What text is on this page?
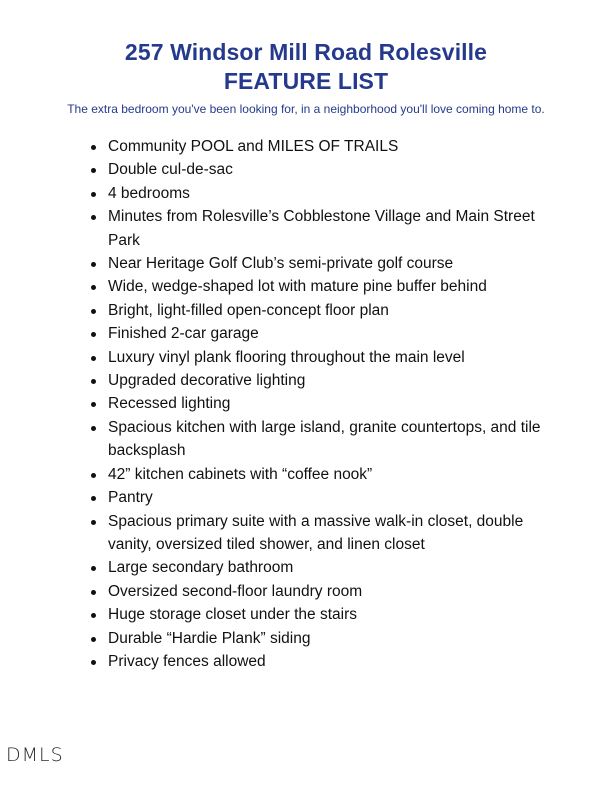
257 Windsor Mill Road Rolesville

FEATURE LIST

The extra bedroom you've been looking for, in a neighborhood you'll love coming home to.

Community POOL and MILES OF TRAILS
Double cul-de-sac
4 bedrooms
Minutes from Rolesville’s Cobblestone Village and Main Street Park
Near Heritage Golf Club’s semi-private golf course
Wide, wedge-shaped lot with mature pine buffer behind
Bright, light-filled open-concept floor plan
Finished 2-car garage
Luxury vinyl plank flooring throughout the main level
Upgraded decorative lighting
Recessed lighting
Spacious kitchen with large island, granite countertops, and tile backsplash
42” kitchen cabinets with “coffee nook”
Pantry
Spacious primary suite with a massive walk-in closet, double vanity, oversized tiled shower, and linen closet
Large secondary bathroom
Oversized second-floor laundry room
Huge storage closet under the stairs
Durable “Hardie Plank” siding
Privacy fences allowed
DMLS
